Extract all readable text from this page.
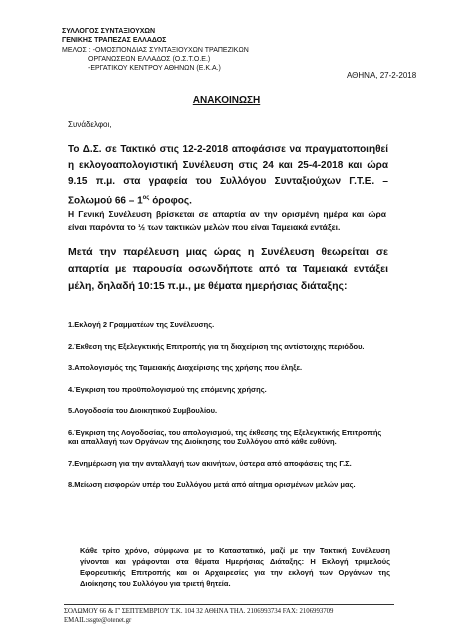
ΣΥΛΛΟΓΟΣ ΣΥΝΤΑΞΙΟΥΧΩΝ
ΓΕΝΙΚΗΣ ΤΡΑΠΕΖΑΣ ΕΛΛΑΔΟΣ
ΜΕΛΟΣ : -ΟΜΟΣΠΟΝΔΙΑΣ ΣΥΝΤΑΞΙΟΥΧΩΝ ΤΡΑΠΕΖΙΚΩΝ
ΟΡΓΑΝΩΣΕΩΝ ΕΛΛΑΔΟΣ (Ο.Σ.Τ.Ο.Ε.)
-ΕΡΓΑΤΙΚΟΥ ΚΕΝΤΡΟΥ ΑΘΗΝΩΝ (Ε.Κ.Α.)
ΑΘΗΝΑ, 27-2-2018
ΑΝΑΚΟΙΝΩΣΗ
Συνάδελφοι,
Το Δ.Σ. σε Τακτικό στις 12-2-2018 αποφάσισε να πραγματοποιηθεί η εκλογοαπολογιστική Συνέλευση στις 24 και 25-4-2018 και ώρα 9.15 π.μ. στα γραφεία του Συλλόγου Συνταξιούχων Γ.Τ.Ε. – Σολωμού $66 - 1^{o\varsigma}$ όροφος.
Η Γενική Συνέλευση βρίσκεται σε απαρτία αν την ορισμένη ημέρα και ώρα είναι παρόντα το ½ των τακτικών μελών που είναι Ταμειακά εντάξει.
Μετά την παρέλευση μιας ώρας η Συνέλευση θεωρείται σε απαρτία με παρουσία οσωνδήποτε από τα Ταμειακά εντάξει μέλη, δηλαδή 10:15 π.μ., με θέματα ημερήσιας διάταξης:
1.Εκλογή 2 Γραμματέων της Συνέλευσης.
2.Έκθεση της Εξελεγκτικής Επιτροπής για τη διαχείριση της αντίστοιχης περιόδου.
3.Απολογισμός της Ταμειακής Διαχείρισης της χρήσης που έληξε.
4.Έγκριση του προϋπολογισμού της επόμενης χρήσης.
5.Λογοδοσία του Διοικητικού Συμβουλίου.
6.Έγκριση της Λογοδοσίας, του απολογισμού, της έκθεσης της Εξελεγκτικής Επιτροπής και απαλλαγή των Οργάνων της Διοίκησης του Συλλόγου από κάθε ευθύνη.
7.Ενημέρωση για την ανταλλαγή των ακινήτων, ύστερα από αποφάσεις της Γ.Σ.
8.Μείωση εισφορών υπέρ του Συλλόγου μετά από αίτημα ορισμένων μελών μας.
Κάθε τρίτο χρόνο, σύμφωνα με το Καταστατικό, μαζί με την Τακτική Συνέλευση γίνονται και γράφονται στα θέματα Ημερήσιας Διάταξης: Η Εκλογή τριμελούς Εφορευτικής Επιτροπής και οι Αρχαιρεσίες για την εκλογή των Οργάνων της Διοίκησης του Συλλόγου για τριετή θητεία.
ΣΟΛΩΜΟΥ 66 & Γ' ΣΕΠΤΕΜΒΡΙΟΥ Τ.Κ. 104 32 ΑΘΗΝΑ ΤΗΛ. 2106993734 FAX: 2106993709
EMAIL:ssgte@otenet.gr
